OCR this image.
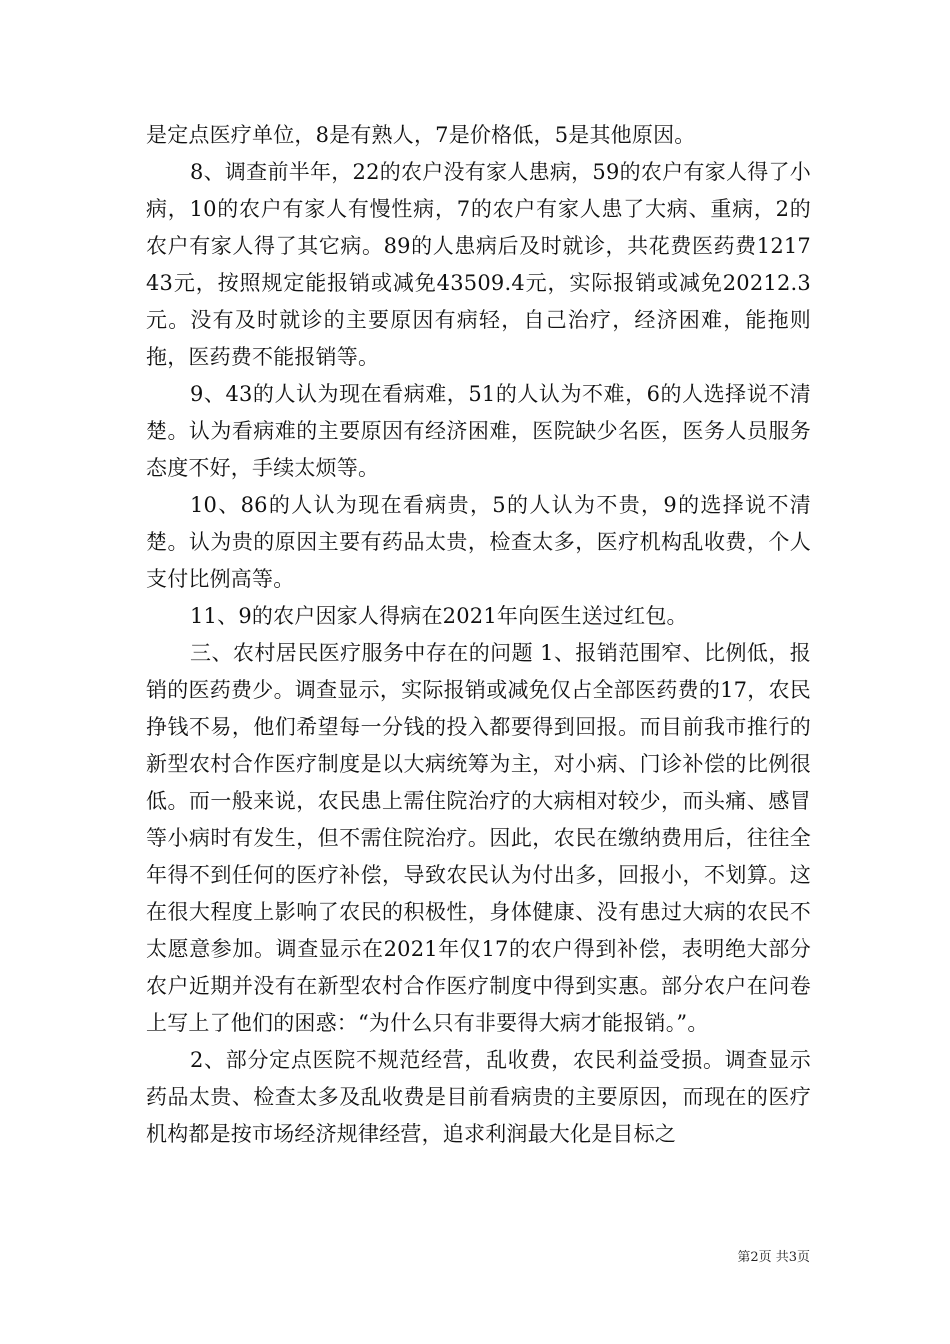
是定点医疗单位，8是有熟人，7是价格低，5是其他原因。

8、调查前半年，22的农户没有家人患病，59的农户有家人得了小病，10的农户有家人有慢性病，7的农户有家人患了大病、重病，2的农户有家人得了其它病。89的人患病后及时就诊，共花费医药费121743元，按照规定能报销或减免43509.4元，实际报销或减免20212.3元。没有及时就诊的主要原因有病轻，自己治疗，经济困难，能拖则拖，医药费不能报销等。

9、43的人认为现在看病难，51的人认为不难，6的人选择说不清楚。认为看病难的主要原因有经济困难，医院缺少名医，医务人员服务态度不好，手续太烦等。

10、86的人认为现在看病贵，5的人认为不贵，9的选择说不清楚。认为贵的原因主要有药品太贵，检查太多，医疗机构乱收费，个人支付比例高等。

11、9的农户因家人得病在2021年向医生送过红包。

三、农村居民医疗服务中存在的问题 1、报销范围窄、比例低，报销的医药费少。调查显示，实际报销或减免仅占全部医药费的17，农民挣钱不易，他们希望每一分钱的投入都要得到回报。而目前我市推行的新型农村合作医疗制度是以大病统筹为主，对小病、门诊补偿的比例很低。而一般来说，农民患上需住院治疗的大病相对较少，而头痛、感冒等小病时有发生，但不需住院治疗。因此，农民在缴纳费用后，往往全年得不到任何的医疗补偿，导致农民认为付出多，回报小，不划算。这在很大程度上影响了农民的积极性，身体健康、没有患过大病的农民不太愿意参加。调查显示在2021年仅17的农户得到补偿，表明绝大部分农户近期并没有在新型农村合作医疗制度中得到实惠。部分农户在问卷上写上了他们的困惑：“为什么只有非要得大病才能报销。”。

2、部分定点医院不规范经营，乱收费，农民利益受损。调查显示药品太贵、检查太多及乱收费是目前看病贵的主要原因，而现在的医疗机构都是按市场经济规律经营，追求利润最大化是目标之

第2页 共3页
